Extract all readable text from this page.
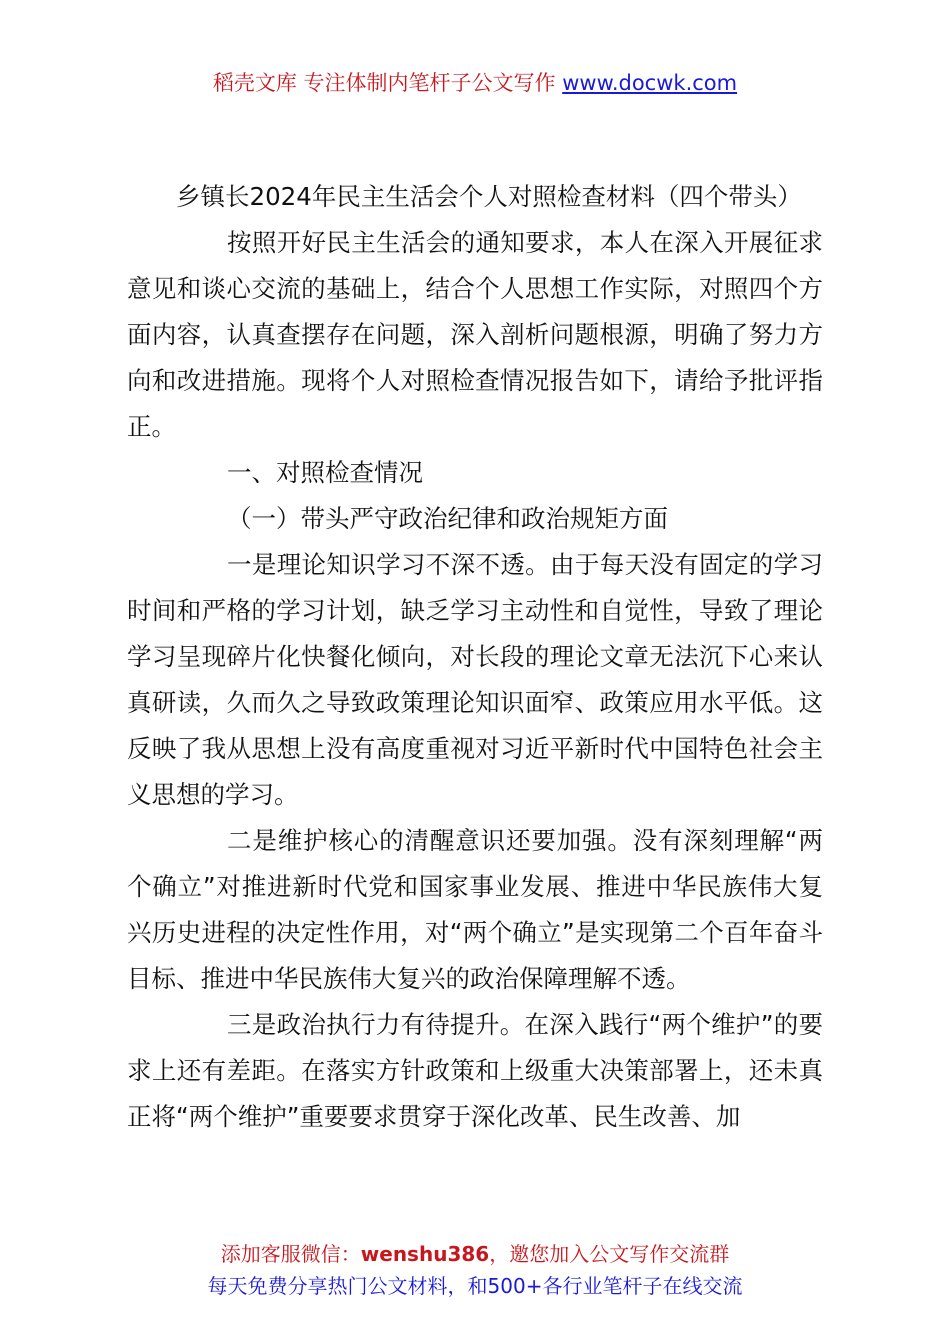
稻壳文库 专注体制内笔杆子公文写作 www.docwk.com

乡镇长2024年民主生活会个人对照检查材料（四个带头）

按照开好民主生活会的通知要求，本人在深入开展征求意见和谈心交流的基础上，结合个人思想工作实际，对照四个方面内容，认真查摆存在问题，深入剖析问题根源，明确了努力方向和改进措施。现将个人对照检查情况报告如下，请给予批评指正。

一、对照检查情况

（一）带头严守政治纪律和政治规矩方面

一是理论知识学习不深不透。由于每天没有固定的学习时间和严格的学习计划，缺乏学习主动性和自觉性，导致了理论学习呈现碎片化快餐化倾向，对长段的理论文章无法沉下心来认真研读，久而久之导致政策理论知识面窄、政策应用水平低。这反映了我从思想上没有高度重视对习近平新时代中国特色社会主义思想的学习。

二是维护核心的清醒意识还要加强。没有深刻理解“两个确立”对推进新时代党和国家事业发展、推进中华民族伟大复兴历史进程的决定性作用，对“两个确立”是实现第二个百年奋斗目标、推进中华民族伟大复兴的政治保障理解不透。

三是政治执行力有待提升。在深入践行“两个维护”的要求上还有差距。在落实方针政策和上级重大决策部署上，还未真正将“两个维护”重要要求贯穿于深化改革、民生改善、加

添加客服微信：wenshu386，邀您加入公文写作交流群
每天免费分享热门公文材料，和500+各行业笔杆子在线交流
